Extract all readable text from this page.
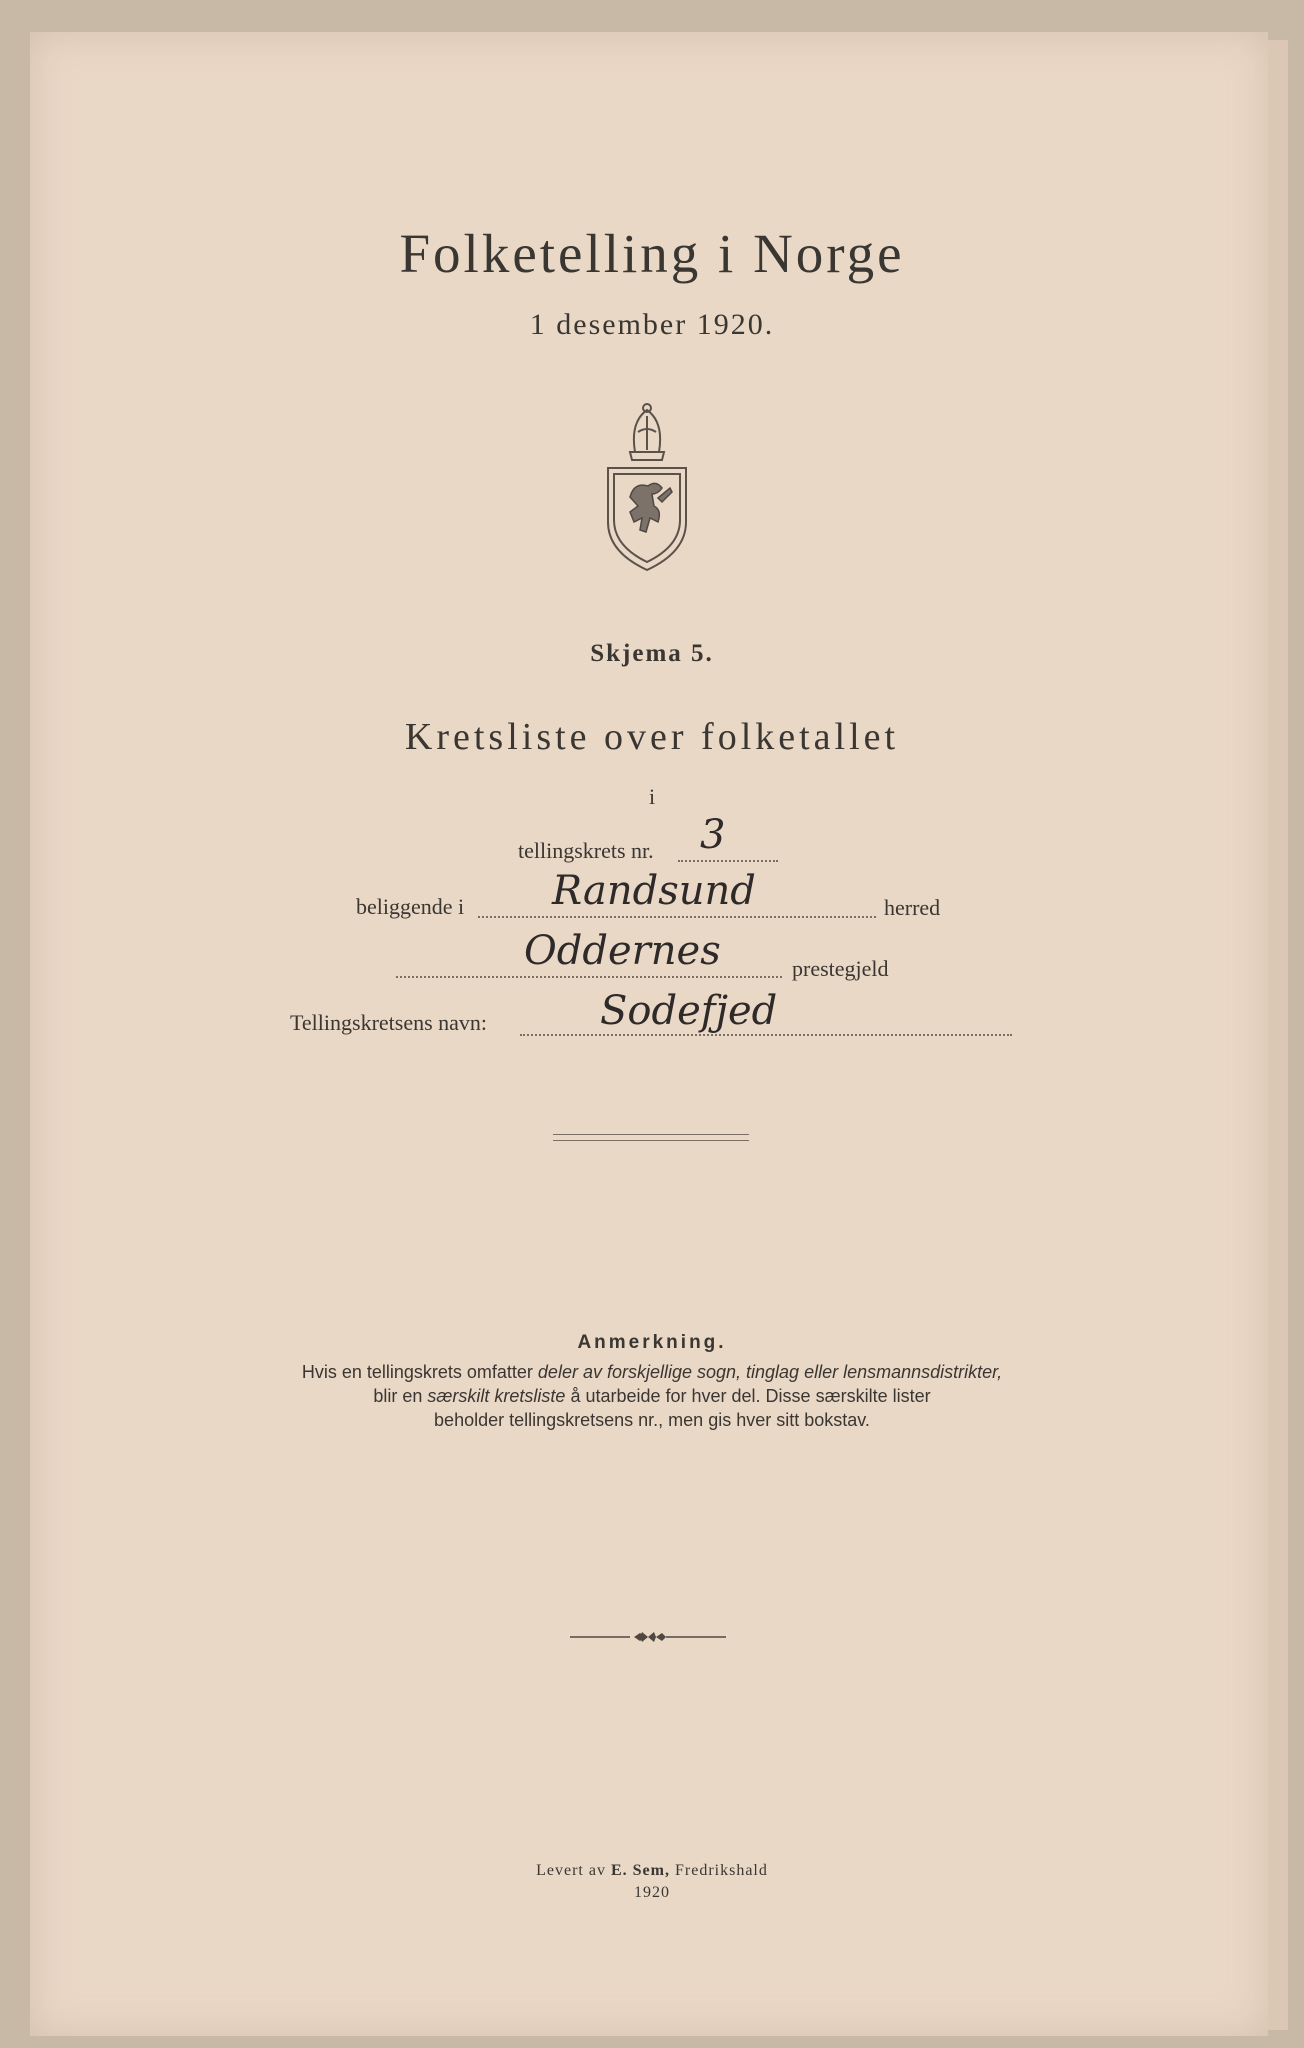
Folketelling i Norge
1 desember 1920.
Skjema 5.
Kretsliste over folketallet
i
tellingskrets nr. 3
beliggende i Randsund	herred
Oddernes	prestegjeld
Tellingskretsens navn:	Sodefjed
Anmerkning.
Hvis en tellingskrets omfatter deler av forskjellige sogn, tinglag eller lensmannsdistrikter,
blir en særskilt kretsliste å utarbeide for hver del. Disse særskilte lister
beholder tellingskretsens nr., men gis hver sitt bokstav.
Levert av E. Sem, Fredrikshald
1920
